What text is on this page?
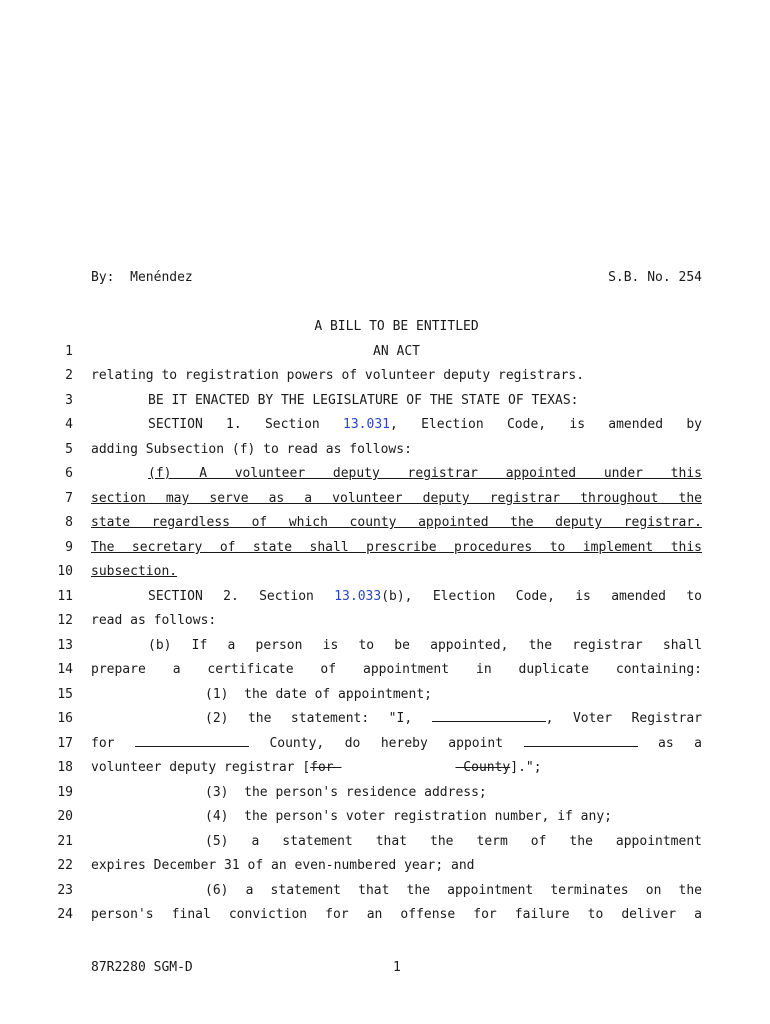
By: Menéndez	S.B. No. 254
A BILL TO BE ENTITLED
1
2
3
4
5
6
7
8
9
10
11
12
13
14
15
16
17
18
19
20
21
22
23
24
AN ACT
relating to registration powers of volunteer deputy registrars.
BE IT ENACTED BY THE LEGISLATURE OF THE STATE OF TEXAS:
SECTION 1. Section 13.031, Election Code, is amended by
adding Subsection (f) to read as follows:
(f) A volunteer deputy registrar appointed under this
section may serve as a volunteer deputy registrar throughout the
state regardless of which county appointed the deputy registrar.
The secretary of state shall prescribe procedures to implement this
subsection.
SECTION 2. Section 13.033(b), Election Code, is amended to
read as follows:
(b) If a person is to be appointed, the registrar shall
prepare a certificate of appointment in duplicate containing:
(1)  the date of appointment;
(2) the statement: "I,	, Voter Registrar
for	County, do hereby appoint	as a
volunteer deputy registrar [for	County].";
(3)  the person's residence address;
(4)  the person's voter registration number, if any;
(5) a statement that the term of the appointment
expires December 31 of an even-numbered year; and
(6) a statement that the appointment terminates on the
person's final conviction for an offense for failure to deliver a
87R2280 SGM-D	1
